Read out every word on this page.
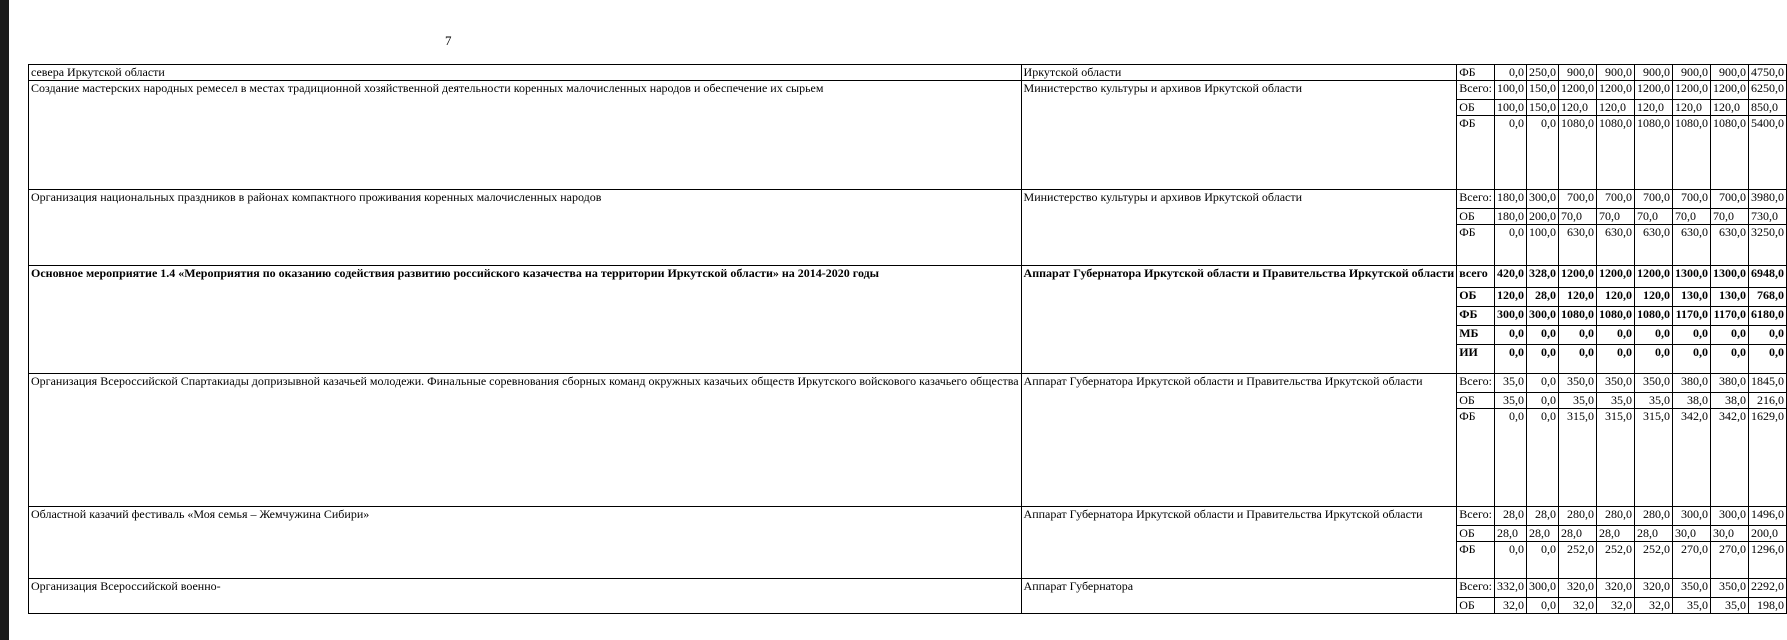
7
севера Иркутской области	Иркутской области	ФБ	0,0	250,0	900,0	900,0	900,0	900,0	900,0	4750,0
Создание мастерских народных ремесел в местах традиционной хозяйственной деятельности коренных малочисленных народов и обеспечение их сырьем	Министерство культуры и архивов Иркутской области	Всего:	100,0	150,0	1200,0	1200,0	1200,0	1200,0	1200,0	6250,0
		ОБ	100,0	150,0	120,0	120,0	120,0	120,0	120,0	850,0
		ФБ	0,0	0,0	1080,0	1080,0	1080,0	1080,0	1080,0	5400,0
Организация национальных праздников в районах компактного проживания коренных малочисленных народов	Министерство культуры и архивов Иркутской области	Всего:	180,0	300,0	700,0	700,0	700,0	700,0	700,0	3980,0
		ОБ	180,0	200,0	70,0	70,0	70,0	70,0	70,0	730,0
		ФБ	0,0	100,0	630,0	630,0	630,0	630,0	630,0	3250,0
Основное мероприятие 1.4 «Мероприятия по оказанию содействия развитию российского казачества на территории Иркутской области» на 2014-2020 годы	Аппарат Губернатора Иркутской области и Правительства Иркутской области	всего	420,0	328,0	1200,0	1200,0	1200,0	1300,0	1300,0	6948,0
		ОБ	120,0	28,0	120,0	120,0	120,0	130,0	130,0	768,0
		ФБ	300,0	300,0	1080,0	1080,0	1080,0	1170,0	1170,0	6180,0
		МБ	0,0	0,0	0,0	0,0	0,0	0,0	0,0	0,0
		ИИ	0,0	0,0	0,0	0,0	0,0	0,0	0,0	0,0
Организация Всероссийской Спартакиады допризывной казачьей молодежи. Финальные соревнования сборных команд окружных казачьих обществ Иркутского войскового казачьего общества	Аппарат Губернатора Иркутской области и Правительства Иркутской области	Всего:	35,0	0,0	350,0	350,0	350,0	380,0	380,0	1845,0
		ОБ	35,0	0,0	35,0	35,0	35,0	38,0	38,0	216,0
		ФБ	0,0	0,0	315,0	315,0	315,0	342,0	342,0	1629,0
Областной казачий фестиваль «Моя семья – Жемчужина Сибири»	Аппарат Губернатора Иркутской области и Правительства Иркутской области	Всего:	28,0	28,0	280,0	280,0	280,0	300,0	300,0	1496,0
		ОБ	28,0	28,0	28,0	28,0	28,0	30,0	30,0	200,0
		ФБ	0,0	0,0	252,0	252,0	252,0	270,0	270,0	1296,0
Организация Всероссийской военно-	Аппарат Губернатора	Всего:	332,0	300,0	320,0	320,0	320,0	350,0	350,0	2292,0
		ОБ	32,0	0,0	32,0	32,0	32,0	35,0	35,0	198,0
